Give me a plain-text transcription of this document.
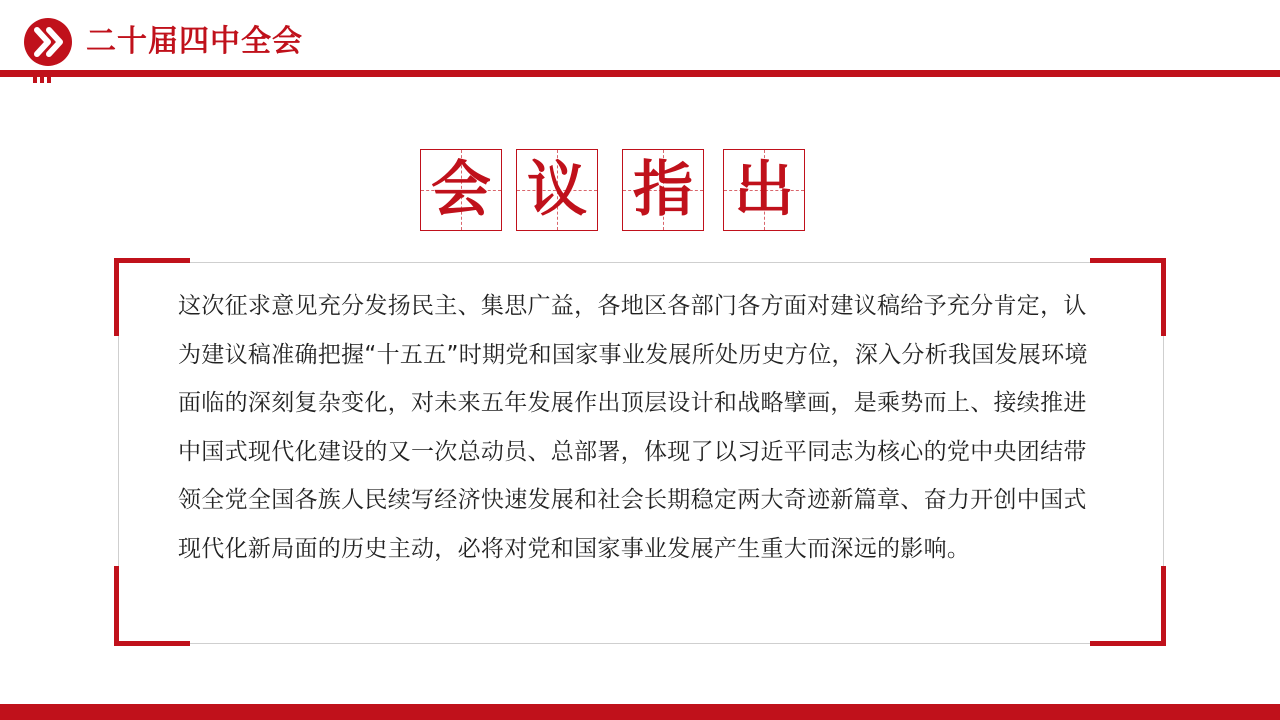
二十届四中全会
会 议 指 出

这次征求意见充分发扬民主、集思广益，各地区各部门各方面对建议稿给予充分肯定，认为建议稿准确把握“十五五”时期党和国家事业发展所处历史方位，深入分析我国发展环境面临的深刻复杂变化，对未来五年发展作出顶层设计和战略擘画，是乘势而上、接续推进中国式现代化建设的又一次总动员、总部署，体现了以习近平同志为核心的党中央团结带领全党全国各族人民续写经济快速发展和社会长期稳定两大奇迹新篇章、奋力开创中国式现代化新局面的历史主动，必将对党和国家事业发展产生重大而深远的影响。
